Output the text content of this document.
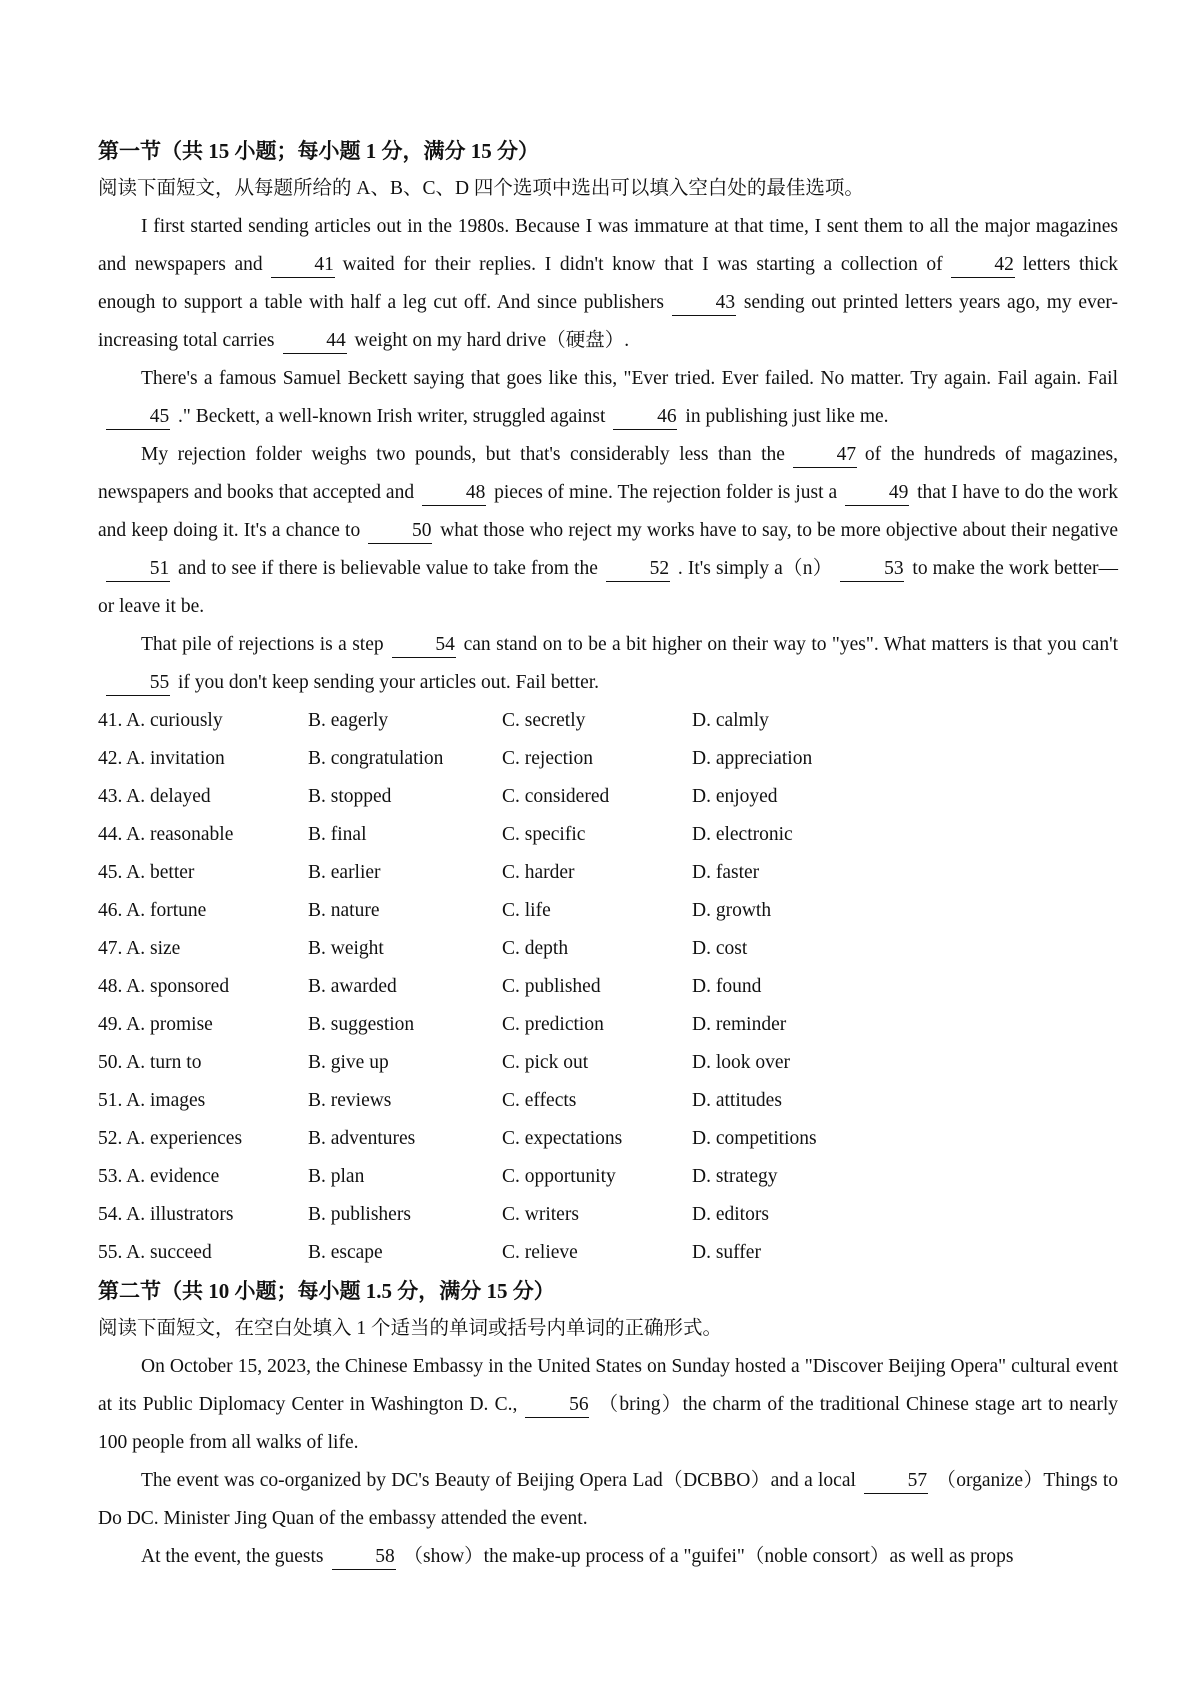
第一节（共 15 小题；每小题 1 分，满分 15 分）

阅读下面短文，从每题所给的 A、B、C、D 四个选项中选出可以填入空白处的最佳选项。

I first started sending articles out in the 1980s. Because I was immature at that time, I sent them to all the major magazines and newspapers and	41 waited for their replies. I didn't know that I was starting a collection of	42 letters thick enough to support a table with half a leg cut off. And since publishers	43 sending out printed letters years ago, my ever-increasing total carries	44 weight on my hard drive（硬盘）.

There's a famous Samuel Beckett saying that goes like this, "Ever tried. Ever failed. No matter. Try again. Fail again. Fail45 ." Beckett, a well-known Irish writer, struggled against	46 in publishing just like me.

My rejection folder weighs two pounds, but that's considerably less than the	47 of the hundreds of magazines, newspapers and books that accepted and	48 pieces of mine. The rejection folder is just a	49 that I have to do the work and keep doing it. It's a chance to	50 what those who reject my works have to say, to be more objective about their negative51 and to see if there is believable value to take from the	52 . It's simply a（n）	53 to make the work better—or leave it be.

That pile of rejections is a step	54 can stand on to be a bit higher on their way to "yes". What matters is that you can't55 if you don't keep sending your articles out. Fail better.

41. A. curiously	B. eagerly	C. secretly	D. calmly
42. A. invitation	B. congratulation	C. rejection	D. appreciation
43. A. delayed	B. stopped	C. considered	D. enjoyed
44. A. reasonable	B. final	C. specific	D. electronic
45. A. better	B. earlier	C. harder	D. faster
46. A. fortune	B. nature	C. life	D. growth
47. A. size	B. weight	C. depth	D. cost
48. A. sponsored	B. awarded	C. published	D. found
49. A. promise	B. suggestion	C. prediction	D. reminder
50. A. turn to	B. give up	C. pick out	D. look over
51. A. images	B. reviews	C. effects	D. attitudes
52. A. experiences	B. adventures	C. expectations	D. competitions
53. A. evidence	B. plan	C. opportunity	D. strategy
54. A. illustrators	B. publishers	C. writers	D. editors
55. A. succeed	B. escape	C. relieve	D. suffer

第二节（共 10 小题；每小题 1.5 分，满分 15 分）

阅读下面短文，在空白处填入 1 个适当的单词或括号内单词的正确形式。

On October 15, 2023, the Chinese Embassy in the United States on Sunday hosted a "Discover Beijing Opera" cultural event at its Public Diplomacy Center in Washington D. C.,	56 （bring）the charm of the traditional Chinese stage art to nearly 100 people from all walks of life.

The event was co-organized by DC's Beauty of Beijing Opera Lad（DCBBO）and a local	57 （organize）Things to Do DC. Minister Jing Quan of the embassy attended the event.

At the event, the guests	58 （show）the make-up process of a "guifei"（noble consort）as well as props
